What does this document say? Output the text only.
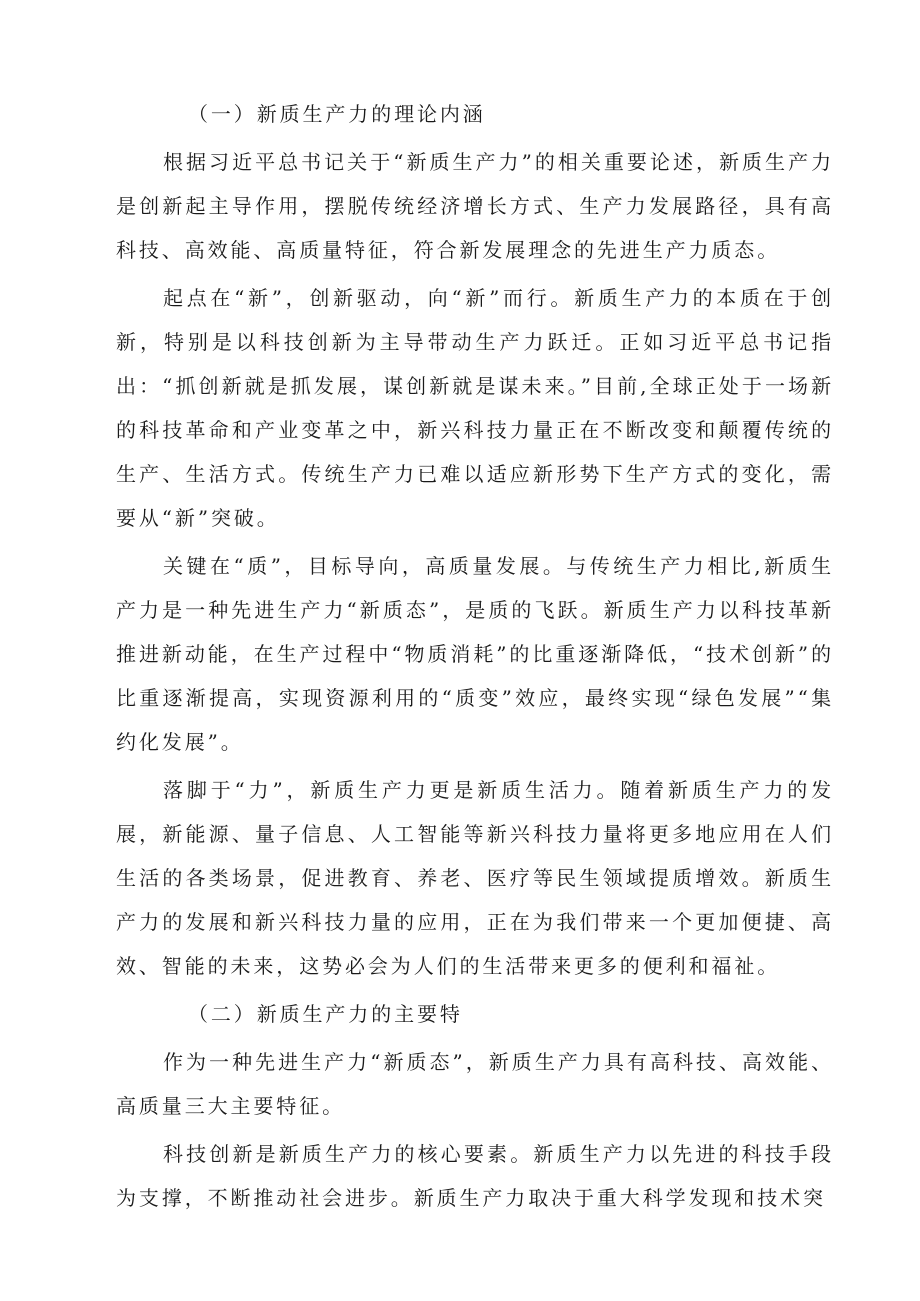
（一）新质生产力的理论内涵

根据习近平总书记关于“新质生产力”的相关重要论述，新质生产力是创新起主导作用，摆脱传统经济增长方式、生产力发展路径，具有高科技、高效能、高质量特征，符合新发展理念的先进生产力质态。

起点在“新”，创新驱动，向“新”而行。新质生产力的本质在于创新，特别是以科技创新为主导带动生产力跃迁。正如习近平总书记指出：“抓创新就是抓发展，谋创新就是谋未来。”目前,全球正处于一场新的科技革命和产业变革之中，新兴科技力量正在不断改变和颠覆传统的生产、生活方式。传统生产力已难以适应新形势下生产方式的变化，需要从“新”突破。

关键在“质”，目标导向，高质量发展。与传统生产力相比,新质生产力是一种先进生产力“新质态”，是质的飞跃。新质生产力以科技革新推进新动能，在生产过程中“物质消耗”的比重逐渐降低，“技术创新”的比重逐渐提高，实现资源利用的“质变”效应，最终实现“绿色发展”“集约化发展”。

落脚于“力”，新质生产力更是新质生活力。随着新质生产力的发展，新能源、量子信息、人工智能等新兴科技力量将更多地应用在人们生活的各类场景，促进教育、养老、医疗等民生领域提质增效。新质生产力的发展和新兴科技力量的应用，正在为我们带来一个更加便捷、高效、智能的未来，这势必会为人们的生活带来更多的便利和福祉。

（二）新质生产力的主要特

作为一种先进生产力“新质态”，新质生产力具有高科技、高效能、高质量三大主要特征。

科技创新是新质生产力的核心要素。新质生产力以先进的科技手段为支撑，不断推动社会进步。新质生产力取决于重大科学发现和技术突
